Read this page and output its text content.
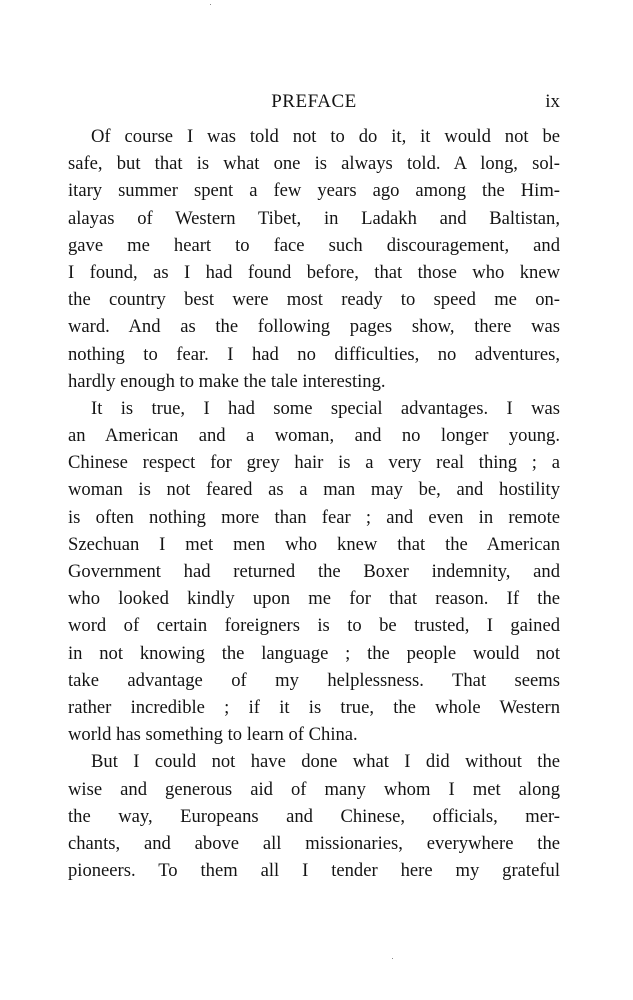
PREFACE	ix
Of course I was told not to do it, it would not be
safe, but that is what one is always told. A long, sol-
itary summer spent a few years ago among the Him-
alayas of Western Tibet, in Ladakh and Baltistan,
gave me heart to face such discouragement, and
I found, as I had found before, that those who knew
the country best were most ready to speed me on-
ward. And as the following pages show, there was
nothing to fear. I had no difficulties, no adventures,
hardly enough to make the tale interesting.
It is true, I had some special advantages. I was
an American and a woman, and no longer young.
Chinese respect for grey hair is a very real thing ; a
woman is not feared as a man may be, and hostility
is often nothing more than fear ; and even in remote
Szechuan I met men who knew that the American
Government had returned the Boxer indemnity, and
who looked kindly upon me for that reason. If the
word of certain foreigners is to be trusted, I gained
in not knowing the language ; the people would not
take advantage of my helplessness. That seems
rather incredible ; if it is true, the whole Western
world has something to learn of China.
But I could not have done what I did without the
wise and generous aid of many whom I met along
the way, Europeans and Chinese, officials, mer-
chants, and above all missionaries, everywhere the
pioneers. To them all I tender here my grateful
